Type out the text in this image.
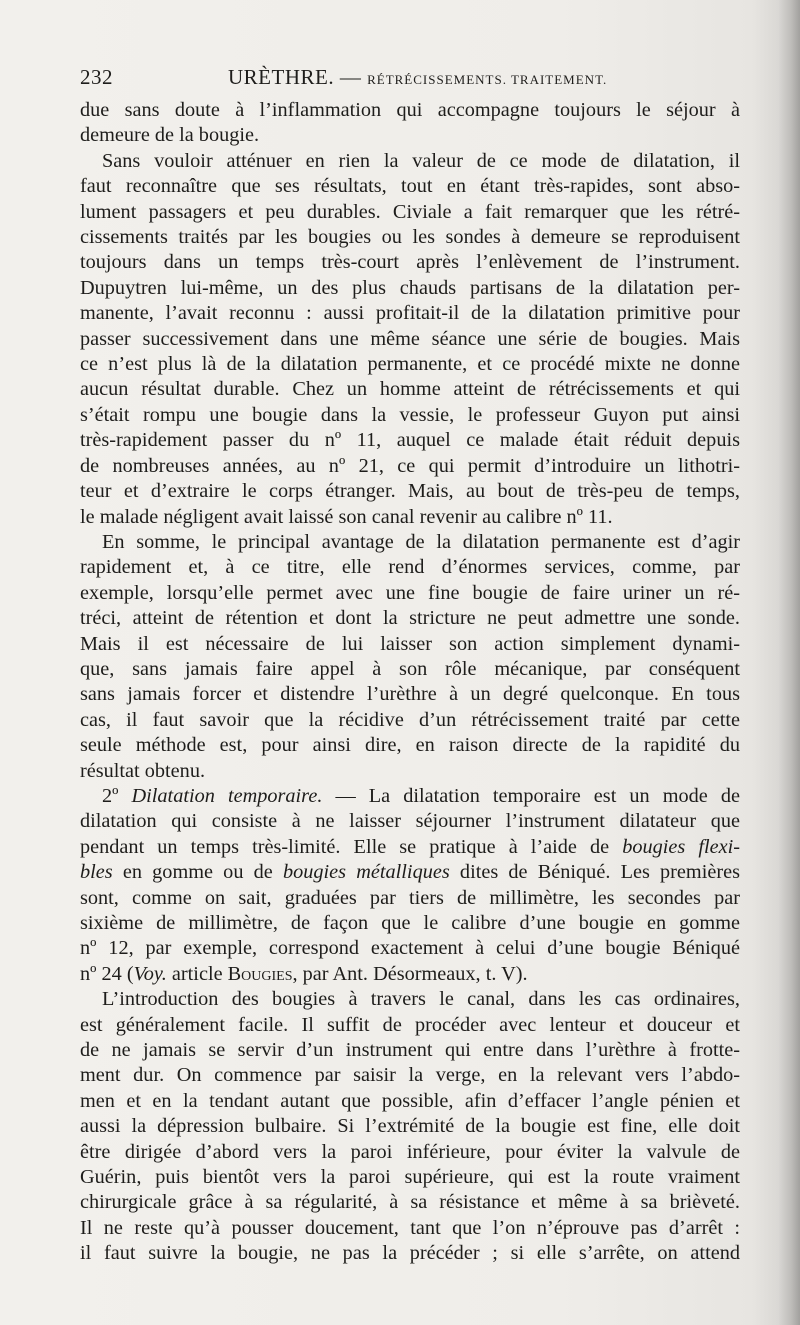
232	URÈTHRE. — RÉTRÉCISSEMENTS. TRAITEMENT.

due sans doute à l’inflammation qui accompagne toujours le séjour à
demeure de la bougie.

Sans vouloir atténuer en rien la valeur de ce mode de dilatation, il
faut reconnaître que ses résultats, tout en étant très-rapides, sont abso-
lument passagers et peu durables. Civiale a fait remarquer que les rétré-
cissements traités par les bougies ou les sondes à demeure se reproduisent
toujours dans un temps très-court après l’enlèvement de l’instrument.
Dupuytren lui-même, un des plus chauds partisans de la dilatation per-
manente, l’avait reconnu : aussi profitait-il de la dilatation primitive pour
passer successivement dans une même séance une série de bougies. Mais
ce n’est plus là de la dilatation permanente, et ce procédé mixte ne donne
aucun résultat durable. Chez un homme atteint de rétrécissements et qui
s’était rompu une bougie dans la vessie, le professeur Guyon put ainsi
très-rapidement passer du nº 11, auquel ce malade était réduit depuis
de nombreuses années, au nº 21, ce qui permit d’introduire un lithotri-
teur et d’extraire le corps étranger. Mais, au bout de très-peu de temps,
le malade négligent avait laissé son canal revenir au calibre nº 11.

En somme, le principal avantage de la dilatation permanente est d’agir
rapidement et, à ce titre, elle rend d’énormes services, comme, par
exemple, lorsqu’elle permet avec une fine bougie de faire uriner un ré-
tréci, atteint de rétention et dont la stricture ne peut admettre une sonde.
Mais il est nécessaire de lui laisser son action simplement dynami-
que, sans jamais faire appel à son rôle mécanique, par conséquent
sans jamais forcer et distendre l’urèthre à un degré quelconque. En tous
cas, il faut savoir que la récidive d’un rétrécissement traité par cette
seule méthode est, pour ainsi dire, en raison directe de la rapidité du
résultat obtenu.

2º Dilatation temporaire. — La dilatation temporaire est un mode de
dilatation qui consiste à ne laisser séjourner l’instrument dilatateur que
pendant un temps très-limité. Elle se pratique à l’aide de bougies flexi-
bles en gomme ou de bougies métalliques dites de Béniqué. Les premières
sont, comme on sait, graduées par tiers de millimètre, les secondes par
sixième de millimètre, de façon que le calibre d’une bougie en gomme
nº 12, par exemple, correspond exactement à celui d’une bougie Béniqué
nº 24 (Voy. article Bougies, par Ant. Désormeaux, t. V).

L’introduction des bougies à travers le canal, dans les cas ordinaires,
est généralement facile. Il suffit de procéder avec lenteur et douceur et
de ne jamais se servir d’un instrument qui entre dans l’urèthre à frotte-
ment dur. On commence par saisir la verge, en la relevant vers l’abdo-
men et en la tendant autant que possible, afin d’effacer l’angle pénien et
aussi la dépression bulbaire. Si l’extrémité de la bougie est fine, elle doit
être dirigée d’abord vers la paroi inférieure, pour éviter la valvule de
Guérin, puis bientôt vers la paroi supérieure, qui est la route vraiment
chirurgicale grâce à sa régularité, à sa résistance et même à sa brièveté.
Il ne reste qu’à pousser doucement, tant que l’on n’éprouve pas d’arrêt :
il faut suivre la bougie, ne pas la précéder ; si elle s’arrête, on attend
